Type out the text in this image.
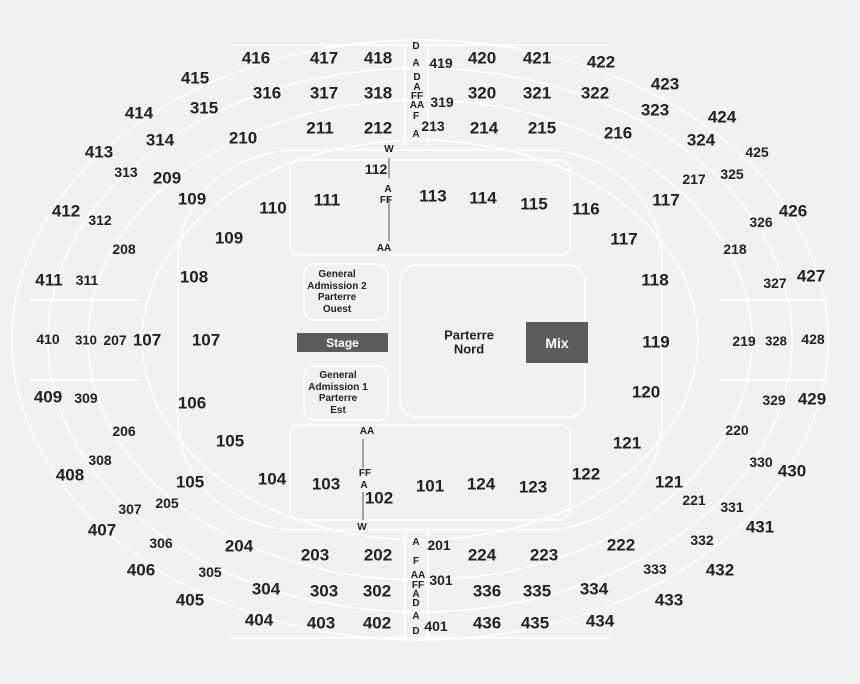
Stage	Mix
Parterre
Nord
General
Admission 2
Parterre
Ouest
General
Admission 1
Parterre
Est
416 417 418	419 420 421 422
415	423
414	424
413	425
412	426
411	427
410	428
409	429
408	430
407	431
406	432
405	433
404 403 402 401 436 435 434
316 317 318	319 320 321 322
315	323
314	324
313	325
312	326
311	327
310	328
309	329
308	330
307	331
306	332
305	333
304 303 302
301
336 335 334
210
211 212 213 214 215	216
209	217
208	218
207	219
206	220
205	221
204	222
203 202
201
224 223
109	110 111
112
113 114 115 116	117
108	118
107	119
106
120
105	121
104 103
102
101 124 123
122
109
107
105
117
121
D
A
D
A
FF
AA
F
A
W
A
FF
AA
AA
FF
A
W
A
F
AA
FF
A
D
A
D
